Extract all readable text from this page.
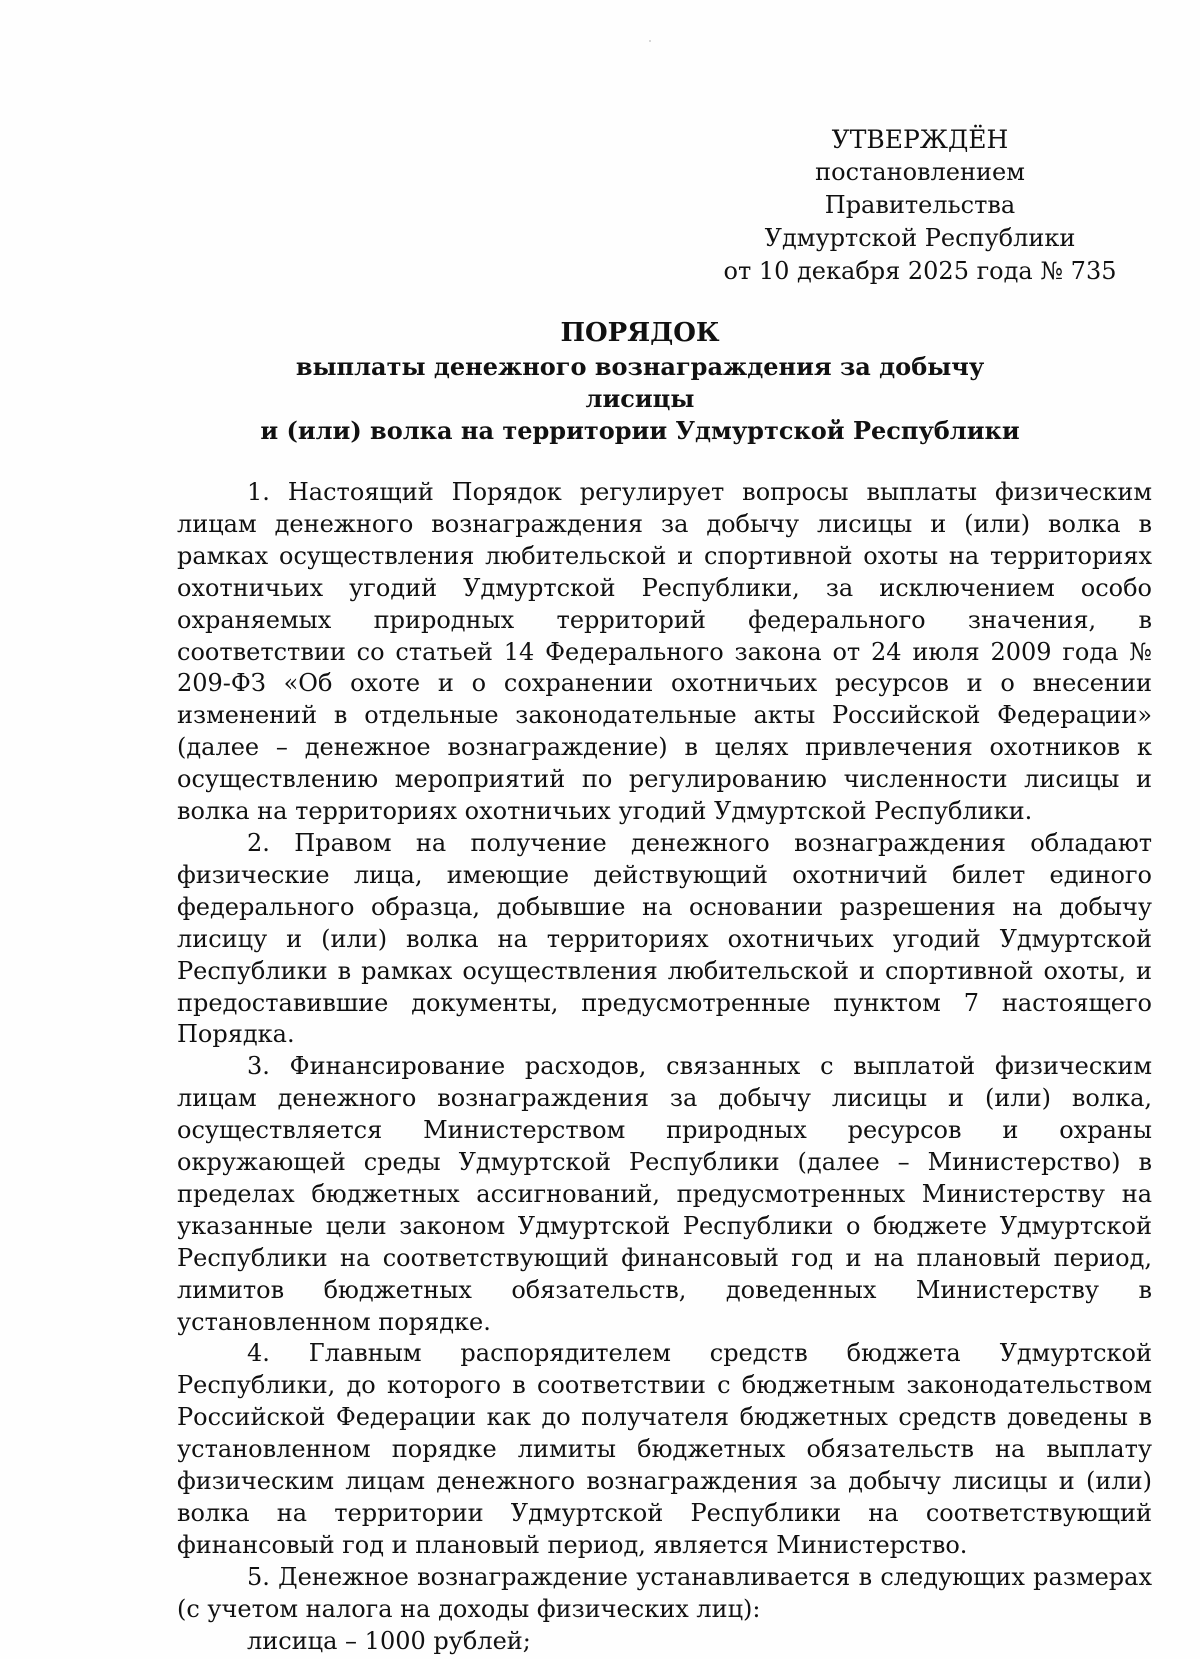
УТВЕРЖДЁН
постановлением Правительства
Удмуртской Республики
от 10 декабря 2025 года № 735
ПОРЯДОК
выплаты денежного вознаграждения за добычу лисицы
и (или) волка на территории Удмуртской Республики

1. Настоящий Порядок регулирует вопросы выплаты физическим лицам денежного вознаграждения за добычу лисицы и (или) волка в рамках осуществления любительской и спортивной охоты на территориях охотничьих угодий Удмуртской Республики, за исключением особо охраняемых природных территорий федерального значения, в соответствии со статьей 14 Федерального закона от 24 июля 2009 года № 209-ФЗ «Об охоте и о сохранении охотничьих ресурсов и о внесении изменений в отдельные законодательные акты Российской Федерации» (далее – денежное вознаграждение) в целях привлечения охотников к осуществлению мероприятий по регулированию численности лисицы и волка на территориях охотничьих угодий Удмуртской Республики.

2. Правом на получение денежного вознаграждения обладают физические лица, имеющие действующий охотничий билет единого федерального образца, добывшие на основании разрешения на добычу лисицу и (или) волка на территориях охотничьих угодий Удмуртской Республики в рамках осуществления любительской и спортивной охоты, и предоставившие документы, предусмотренные пунктом 7 настоящего Порядка.

3. Финансирование расходов, связанных с выплатой физическим лицам денежного вознаграждения за добычу лисицы и (или) волка, осуществляется Министерством природных ресурсов и охраны окружающей среды Удмуртской Республики (далее – Министерство) в пределах бюджетных ассигнований, предусмотренных Министерству на указанные цели законом Удмуртской Республики о бюджете Удмуртской Республики на соответствующий финансовый год и на плановый период, лимитов бюджетных обязательств, доведенных Министерству в установленном порядке.

4. Главным распорядителем средств бюджета Удмуртской Республики, до которого в соответствии с бюджетным законодательством Российской Федерации как до получателя бюджетных средств доведены в установленном порядке лимиты бюджетных обязательств на выплату физическим лицам денежного вознаграждения за добычу лисицы и (или) волка на территории Удмуртской Республики на соответствующий финансовый год и плановый период, является Министерство.

5. Денежное вознаграждение устанавливается в следующих размерах (с учетом налога на доходы физических лиц):

лисица – 1000 рублей;
